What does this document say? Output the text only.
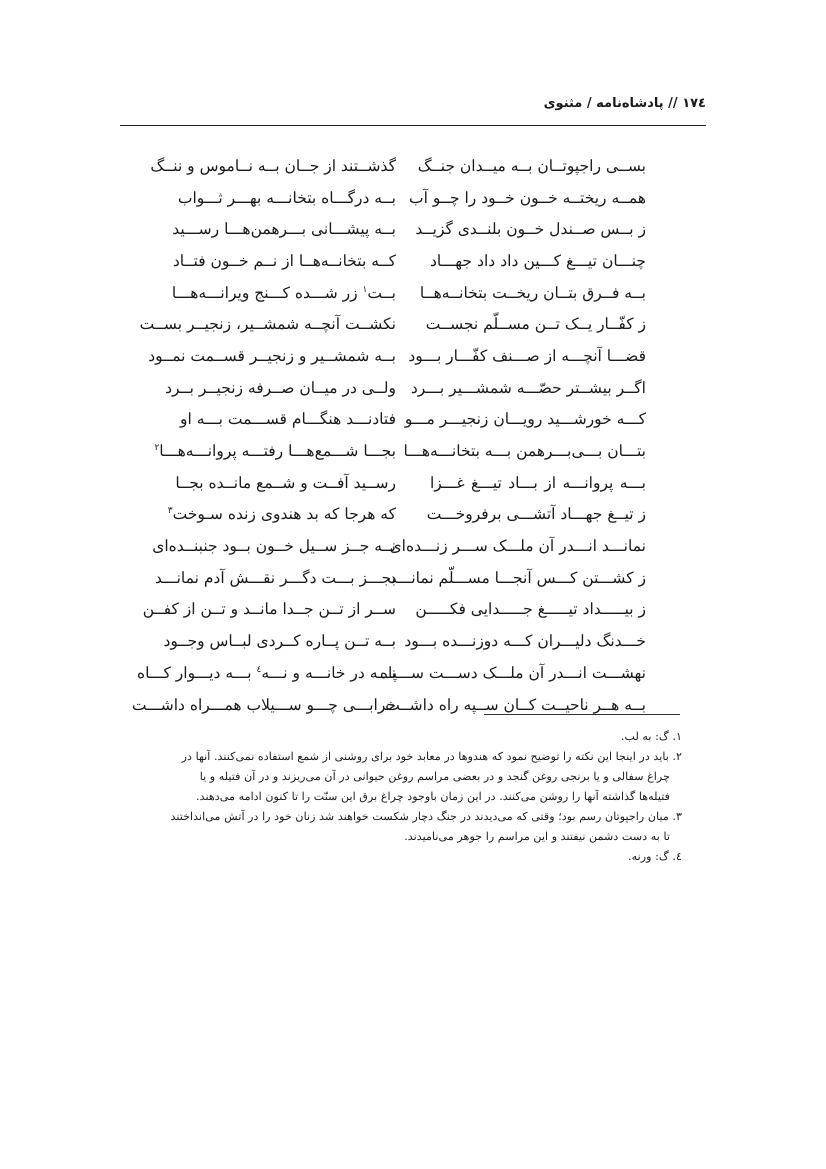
١٧٤ // پادشاه‌نامه / مثنوی
بســی راجپوتــان بــه میــدان جنــگ
گذشــتند از جــان بــه نــاموس و ننــگ
همــه ریختــه خــون خــود را چــو آب
بــه درگـــاه بتخانـــه بهـــر ثـــواب
ز بــس صــندل خــون بلنــدی گزیــد
بــه پیشـــانی بـــرهمن‌هـــا رســـید
چنـــان تیـــغ کـــین داد داد جهـــاد
کــه بتخانــه‌هــا از نــم خــون فتــاد
بــه فــرق بتــان ریخــت بتخانــه‌هــا
بــت$^١$ زر شـــده کـــنج ویرانـــه‌هـــا
ز کفّــار یــک تــن مســلّم نجســت
نکشــت آنچــه شمشــیر، زنجیــر بســت
قضـــا آنچـــه از صـــنف کفّـــار بـــود
بــه شمشــیر و زنجیــر قســمت نمــود
اگــر بیشــتر حصّـــه شمشـــیر بـــرد
ولــی در میــان صــرفه زنجیــر بــرد
کـــه خورشـــید رویـــان زنجیـــر مـــو
فتادنـــد هنگـــام قســـمت بـــه او
بتـــان بـــی‌بـــرهمن بـــه بتخانـــه‌هـــا
بجـــا شـــمع‌هـــا رفتـــه پروانـــه‌هـــا$^٢$
بـــه پروانـــه از بـــاد تیـــغ غـــزا
رســید آفــت و شــمع مانــده بجــا
ز تیــغ جهـــاد آتشـــی برفروخـــت
که هرجا که بد هندوی زنده سـوخت$^٣$
نمانـــد انـــدر آن ملـــک ســـر زنـــده‌ای
نــه جــز ســیل خــون بــود جنبنــده‌ای
ز کشـــتن کـــس آنجـــا مســـلّم نمانـــد
بجـــز بـــت دگـــر نقـــش آدم نمانـــد
ز بیـــــداد تیـــــغ جـــــدایی فکـــــن
ســر از تــن جــدا مانــد و تــن از کفــن
خـــدنگ دلیـــران کـــه دوزنـــده بـــود
بــه تــن پــاره کــردی لبــاس وجــود
نهشـــت انـــدر آن ملـــک دســـت ســـپاه
نـــه در خانـــه و نـــه$^٤$ بـــه دیـــوار کـــاه
بــه هــر ناحیــت کــان ســپه راه داشــت
خرابـــی چـــو ســـیلاب همـــراه داشـــت
١. گ: به لب.
٢. باید در اینجا این نکته را توضیح نمود که هندوها در معابد خود برای روشنی از شمع استفاده نمی‌کنند. آنها در
چراغ سفالی و یا برنجی روغن گنجد و در بعضی مراسم روغن حیوانی در آن می‌ریزند و در آن فتیله و یا
فتیله‌ها گذاشته آنها را روشن می‌کنند. در این زمان باوجود چراغ برق این سنّت را تا کنون ادامه می‌دهند.
٣. میان راجپوتان رسم بود؛ وقتی که می‌دیدند در جنگ دچار شکست خواهند شد زنان خود را در آتش می‌انداختند
تا به دست دشمن نیفتند و این مراسم را جوهر می‌نامیدند.
٤. گ: ورنه.
